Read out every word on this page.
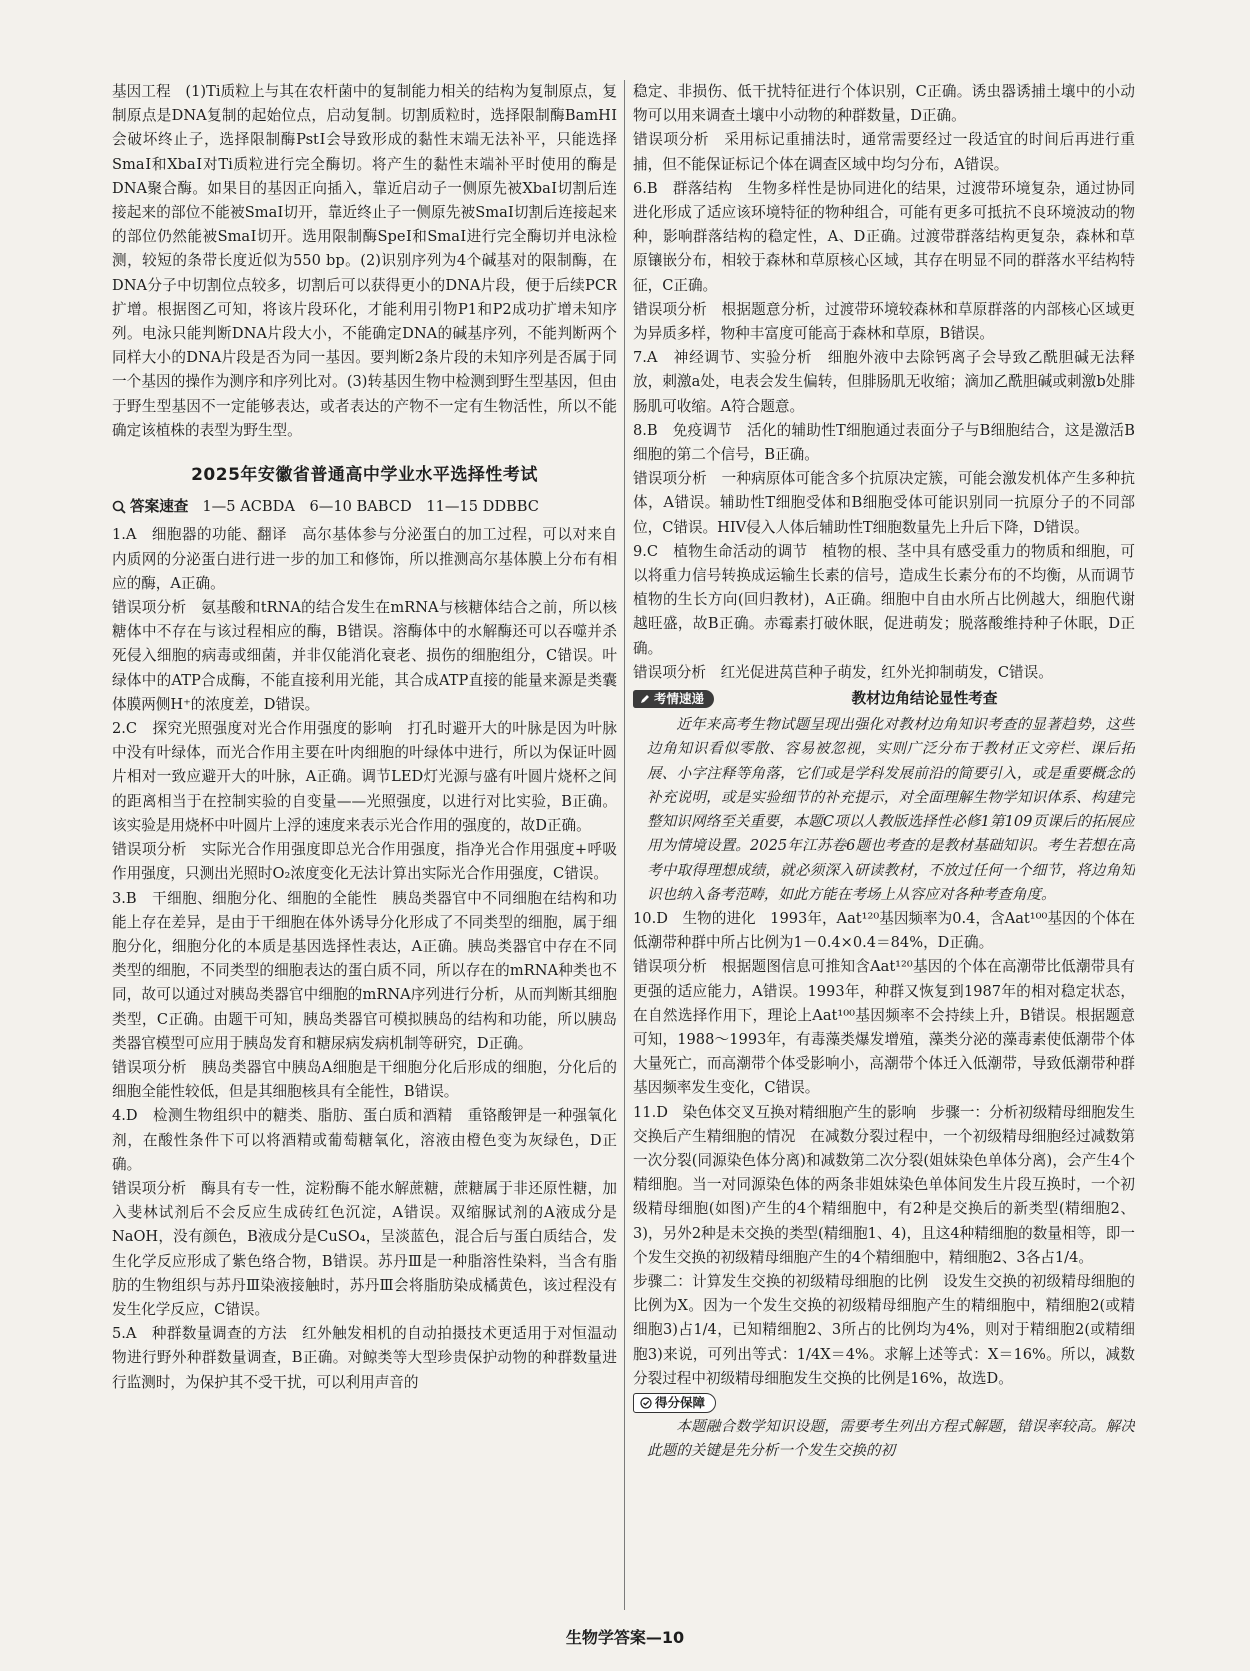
基因工程　(1)Ti质粒上与其在农杆菌中的复制能力相关的结构为复制原点，复制原点是DNA复制的起始位点，启动复制。切割质粒时，选择限制酶BamHⅠ会破坏终止子，选择限制酶PstⅠ会导致形成的黏性末端无法补平，只能选择SmaⅠ和XbaⅠ对Ti质粒进行完全酶切。将产生的黏性末端补平时使用的酶是DNA聚合酶。如果目的基因正向插入，靠近启动子一侧原先被XbaⅠ切割后连接起来的部位不能被SmaⅠ切开，靠近终止子一侧原先被SmaⅠ切割后连接起来的部位仍然能被SmaⅠ切开。选用限制酶SpeⅠ和SmaⅠ进行完全酶切并电泳检测，较短的条带长度近似为550 bp。(2)识别序列为4个碱基对的限制酶，在DNA分子中切割位点较多，切割后可以获得更小的DNA片段，便于后续PCR扩增。根据图乙可知，将该片段环化，才能利用引物P1和P2成功扩增未知序列。电泳只能判断DNA片段大小，不能确定DNA的碱基序列，不能判断两个同样大小的DNA片段是否为同一基因。要判断2条片段的未知序列是否属于同一个基因的操作为测序和序列比对。(3)转基因生物中检测到野生型基因，但由于野生型基因不一定能够表达，或者表达的产物不一定有生物活性，所以不能确定该植株的表型为野生型。

2025年安徽省普通高中学业水平选择性考试
答案速查 1—5 ACBDA　6—10 BABCD　11—15 DDBBC

1.A　细胞器的功能、翻译　高尔基体参与分泌蛋白的加工过程，可以对来自内质网的分泌蛋白进行进一步的加工和修饰，所以推测高尔基体膜上分布有相应的酶，A正确。

错误项分析　氨基酸和tRNA的结合发生在mRNA与核糖体结合之前，所以核糖体中不存在与该过程相应的酶，B错误。溶酶体中的水解酶还可以吞噬并杀死侵入细胞的病毒或细菌，并非仅能消化衰老、损伤的细胞组分，C错误。叶绿体中的ATP合成酶，不能直接利用光能，其合成ATP直接的能量来源是类囊体膜两侧H⁺的浓度差，D错误。

2.C　探究光照强度对光合作用强度的影响　打孔时避开大的叶脉是因为叶脉中没有叶绿体，而光合作用主要在叶肉细胞的叶绿体中进行，所以为保证叶圆片相对一致应避开大的叶脉，A正确。调节LED灯光源与盛有叶圆片烧杯之间的距离相当于在控制实验的自变量——光照强度，以进行对比实验，B正确。该实验是用烧杯中叶圆片上浮的速度来表示光合作用的强度的，故D正确。

错误项分析　实际光合作用强度即总光合作用强度，指净光合作用强度+呼吸作用强度，只测出光照时O₂浓度变化无法计算出实际光合作用强度，C错误。

3.B　干细胞、细胞分化、细胞的全能性　胰岛类器官中不同细胞在结构和功能上存在差异，是由于干细胞在体外诱导分化形成了不同类型的细胞，属于细胞分化，细胞分化的本质是基因选择性表达，A正确。胰岛类器官中存在不同类型的细胞，不同类型的细胞表达的蛋白质不同，所以存在的mRNA种类也不同，故可以通过对胰岛类器官中细胞的mRNA序列进行分析，从而判断其细胞类型，C正确。由题干可知，胰岛类器官可模拟胰岛的结构和功能，所以胰岛类器官模型可应用于胰岛发育和糖尿病发病机制等研究，D正确。

错误项分析　胰岛类器官中胰岛A细胞是干细胞分化后形成的细胞，分化后的细胞全能性较低，但是其细胞核具有全能性，B错误。

4.D　检测生物组织中的糖类、脂肪、蛋白质和酒精　重铬酸钾是一种强氧化剂，在酸性条件下可以将酒精或葡萄糖氧化，溶液由橙色变为灰绿色，D正确。

错误项分析　酶具有专一性，淀粉酶不能水解蔗糖，蔗糖属于非还原性糖，加入斐林试剂后不会反应生成砖红色沉淀，A错误。双缩脲试剂的A液成分是NaOH，没有颜色，B液成分是CuSO₄，呈淡蓝色，混合后与蛋白质结合，发生化学反应形成了紫色络合物，B错误。苏丹Ⅲ是一种脂溶性染料，当含有脂肪的生物组织与苏丹Ⅲ染液接触时，苏丹Ⅲ会将脂肪染成橘黄色，该过程没有发生化学反应，C错误。

5.A　种群数量调查的方法　红外触发相机的自动拍摄技术更适用于对恒温动物进行野外种群数量调查，B正确。对鲸类等大型珍贵保护动物的种群数量进行监测时，为保护其不受干扰，可以利用声音的

稳定、非损伤、低干扰特征进行个体识别，C正确。诱虫器诱捕土壤中的小动物可以用来调查土壤中小动物的种群数量，D正确。

错误项分析　采用标记重捕法时，通常需要经过一段适宜的时间后再进行重捕，但不能保证标记个体在调查区域中均匀分布，A错误。

6.B　群落结构　生物多样性是协同进化的结果，过渡带环境复杂，通过协同进化形成了适应该环境特征的物种组合，可能有更多可抵抗不良环境波动的物种，影响群落结构的稳定性，A、D正确。过渡带群落结构更复杂，森林和草原镶嵌分布，相较于森林和草原核心区域，其存在明显不同的群落水平结构特征，C正确。

错误项分析　根据题意分析，过渡带环境较森林和草原群落的内部核心区域更为异质多样，物种丰富度可能高于森林和草原，B错误。

7.A　神经调节、实验分析　细胞外液中去除钙离子会导致乙酰胆碱无法释放，刺激a处，电表会发生偏转，但腓肠肌无收缩；滴加乙酰胆碱或刺激b处腓肠肌可收缩。A符合题意。

8.B　免疫调节　活化的辅助性T细胞通过表面分子与B细胞结合，这是激活B细胞的第二个信号，B正确。

错误项分析　一种病原体可能含多个抗原决定簇，可能会激发机体产生多种抗体，A错误。辅助性T细胞受体和B细胞受体可能识别同一抗原分子的不同部位，C错误。HIV侵入人体后辅助性T细胞数量先上升后下降，D错误。

9.C　植物生命活动的调节　植物的根、茎中具有感受重力的物质和细胞，可以将重力信号转换成运输生长素的信号，造成生长素分布的不均衡，从而调节植物的生长方向(回归教材)，A正确。细胞中自由水所占比例越大，细胞代谢越旺盛，故B正确。赤霉素打破休眠，促进萌发；脱落酸维持种子休眠，D正确。

错误项分析　红光促进莴苣种子萌发，红外光抑制萌发，C错误。

考情速递	教材边角结论显性考查

近年来高考生物试题呈现出强化对教材边角知识考查的显著趋势，这些边角知识看似零散、容易被忽视，实则广泛分布于教材正文旁栏、课后拓展、小字注释等角落，它们或是学科发展前沿的简要引入，或是重要概念的补充说明，或是实验细节的补充提示，对全面理解生物学知识体系、构建完整知识网络至关重要，本题C项以人教版选择性必修1第109页课后的拓展应用为情境设置。2025年江苏卷6题也考查的是教材基础知识。考生若想在高考中取得理想成绩，就必须深入研读教材，不放过任何一个细节，将边角知识也纳入备考范畴，如此方能在考场上从容应对各种考查角度。

10.D　生物的进化　1993年，Aat¹²⁰基因频率为0.4，含Aat¹⁰⁰基因的个体在低潮带种群中所占比例为1－0.4×0.4＝84%，D正确。

错误项分析　根据题图信息可推知含Aat¹²⁰基因的个体在高潮带比低潮带具有更强的适应能力，A错误。1993年，种群又恢复到1987年的相对稳定状态，在自然选择作用下，理论上Aat¹⁰⁰基因频率不会持续上升，B错误。根据题意可知，1988～1993年，有毒藻类爆发增殖，藻类分泌的藻毒素使低潮带个体大量死亡，而高潮带个体受影响小，高潮带个体迁入低潮带，导致低潮带种群基因频率发生变化，C错误。

11.D　染色体交叉互换对精细胞产生的影响　步骤一：分析初级精母细胞发生交换后产生精细胞的情况　在减数分裂过程中，一个初级精母细胞经过减数第一次分裂(同源染色体分离)和减数第二次分裂(姐妹染色单体分离)，会产生4个精细胞。当一对同源染色体的两条非姐妹染色单体间发生片段互换时，一个初级精母细胞(如图)产生的4个精细胞中，有2种是交换后的新类型(精细胞2、3)，另外2种是未交换的类型(精细胞1、4)，且这4种精细胞的数量相等，即一个发生交换的初级精母细胞产生的4个精细胞中，精细胞2、3各占1/4。

步骤二：计算发生交换的初级精母细胞的比例　设发生交换的初级精母细胞的比例为X。因为一个发生交换的初级精母细胞产生的精细胞中，精细胞2(或精细胞3)占1/4，已知精细胞2、3所占的比例均为4%，则对于精细胞2(或精细胞3)来说，可列出等式：1/4X＝4%。求解上述等式：X＝16%。所以，减数分裂过程中初级精母细胞发生交换的比例是16%，故选D。

得分保障

本题融合数学知识设题，需要考生列出方程式解题，错误率较高。解决此题的关键是先分析一个发生交换的初

生物学答案—10
